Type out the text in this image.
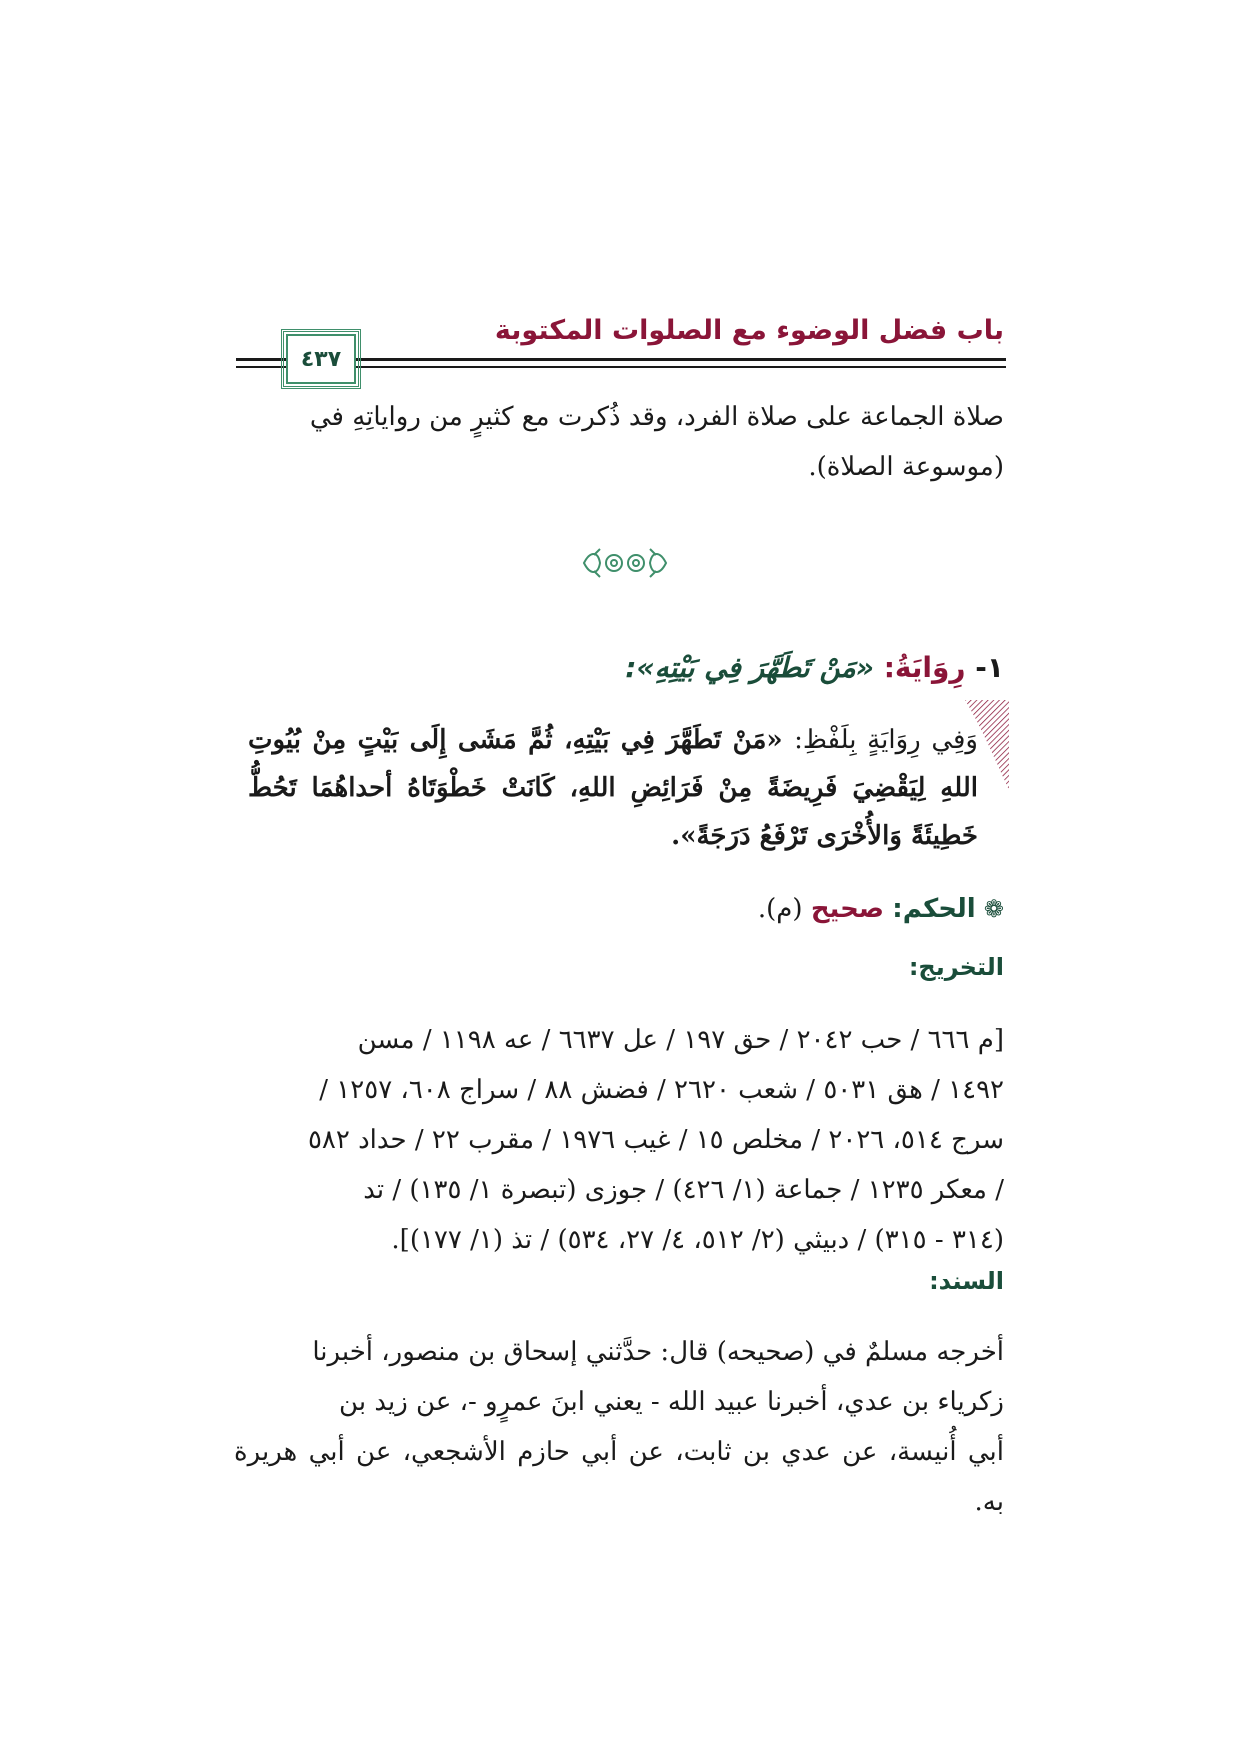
باب فضل الوضوء مع الصلوات المكتوبة
٤٣٧

صلاة الجماعة على صلاة الفرد، وقد ذُكرت مع كثيرٍ من رواياتِهِ في

(موسوعة الصلاة).

١- رِوَايَةُ: «مَنْ تَطَهَّرَ فِي بَيْتِهِ»:
وَفِي رِوَايَةٍ بِلَفْظِ: «مَنْ تَطَهَّرَ فِي بَيْتِهِ، ثُمَّ مَشَى إِلَى بَيْتٍ مِنْ بُيُوتِ اللهِ لِيَقْضِيَ فَرِيضَةً مِنْ فَرَائِضِ اللهِ، كَانَتْ خَطْوَتَاهُ أحداهُمَا تَحُطُّ خَطِيئَةً وَالأُخْرَى تَرْفَعُ دَرَجَةً».
❁ الحكم: صحيح (م).
التخريج:

[م ٦٦٦ / حب ٢٠٤٢ / حق ١٩٧ / عل ٦٦٣٧ / عه ١١٩٨ / مسن

١٤٩٢ / هق ٥٠٣١ / شعب ٢٦٢٠ / فضش ٨٨ / سراج ٦٠٨، ١٢٥٧ /

سرج ٥١٤، ٢٠٢٦ / مخلص ١٥ / غيب ١٩٧٦ / مقرب ٢٢ / حداد ٥٨٢

/ معكر ١٢٣٥ / جماعة (١/ ٤٢٦) / جوزى (تبصرة ١/ ١٣٥) / تد

(٣١٤ - ٣١٥) / دبيثي (٢/ ٥١٢، ٤/ ٢٧، ٥٣٤) / تذ (١/ ١٧٧)].

السند:

أخرجه مسلمٌ في (صحيحه) قال: حدَّثني إسحاق بن منصور، أخبرنا

زكرياء بن عدي، أخبرنا عبيد الله - يعني ابنَ عمرٍو -، عن زيد بن

أبي أُنيسة، عن عدي بن ثابت، عن أبي حازم الأشجعي، عن أبي هريرة به.
